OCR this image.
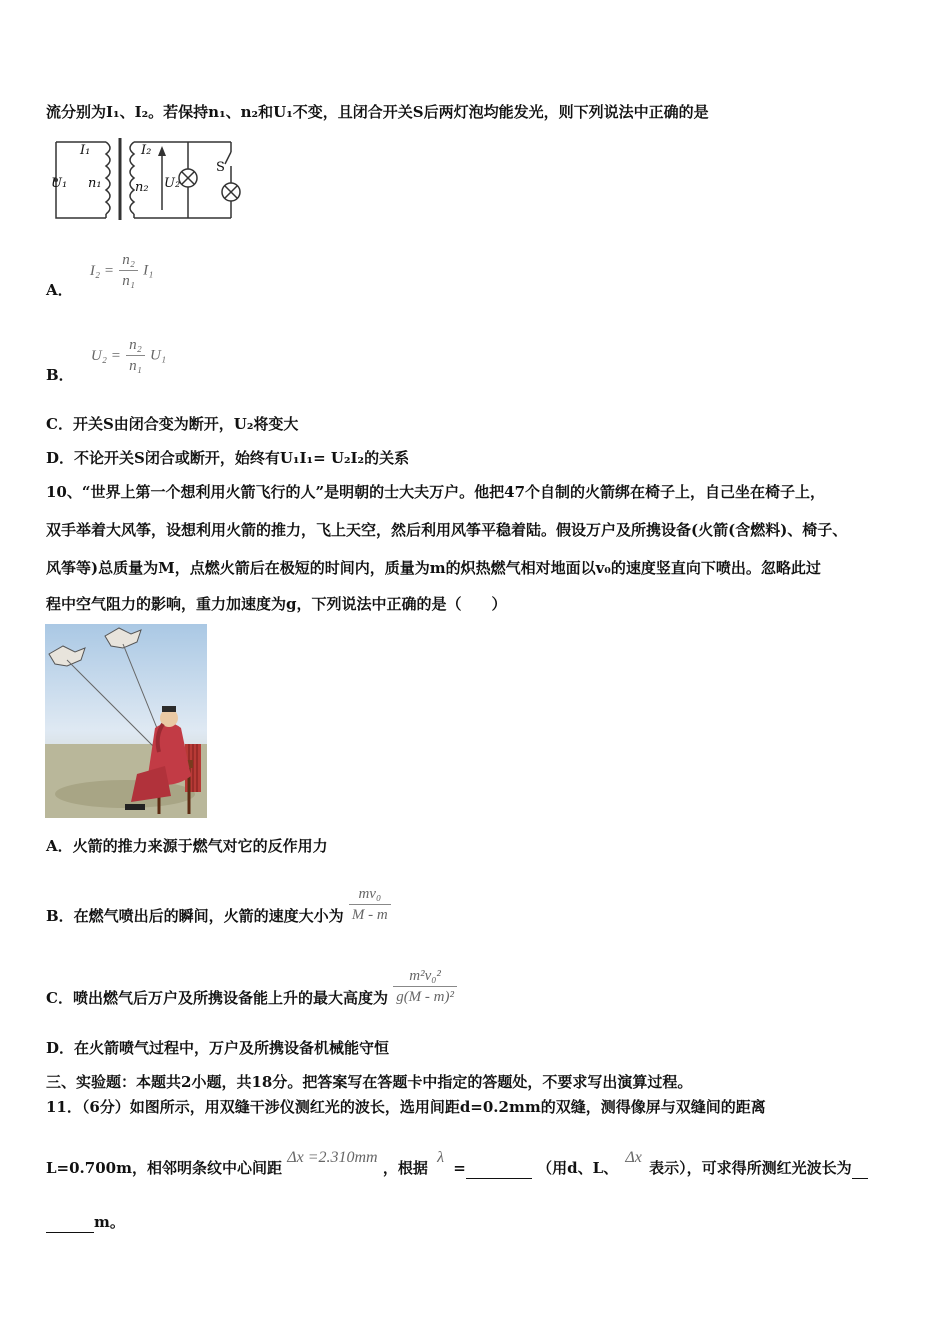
流分别为I₁、I₂。若保持n₁、n₂和U₁不变，且闭合开关S后两灯泡均能发光，则下列说法中正确的是
I₁
U₁ n₁
I₂
n₂ U₂
S
A． $I_2 = \frac{\text{n₂}}{\text{n₁}} I_1$
B． $U_2 = \frac{\text{n₂}}{\text{n₁}} U_1$
C．开关S由闭合变为断开，U₂将变大
D．不论开关S闭合或断开，始终有U₁I₁= U₂I₂的关系
10、“世界上第一个想利用火箭飞行的人”是明朝的士大夫万户。他把47个自制的火箭绑在椅子上，自己坐在椅子上，
双手举着大风筝，设想利用火箭的推力，飞上天空，然后利用风筝平稳着陆。假设万户及所携设备(火箭(含燃料)、椅子、
风筝等)总质量为M，点燃火箭后在极短的时间内，质量为m的炽热燃气相对地面以v₀的速度竖直向下喷出。忽略此过
程中空气阻力的影响，重力加速度为g，下列说法中正确的是（　　）
A．火箭的推力来源于燃气对它的反作用力
B．在燃气喷出后的瞬间，火箭的速度大小为 $\frac{\text{mv₀}}{M - m}$
C．喷出燃气后万户及所携设备能上升的最大高度为 $\frac{\text{m²v₀²}}{\text{g(M - m)²}}$
D．在火箭喷气过程中，万户及所携设备机械能守恒
三、实验题：本题共2小题，共18分。把答案写在答题卡中指定的答题处，不要求写出演算过程。
11．（6分）如图所示，用双缝干涉仪测红光的波长，选用间距d=0.2mm的双缝，测得像屏与双缝间的距离
L=0.700m，相邻明条纹中心间距 Δx =2.310mm ，根据 λ =	（用d、L、 Δx 表示），可求得所测红光波长为
m。
